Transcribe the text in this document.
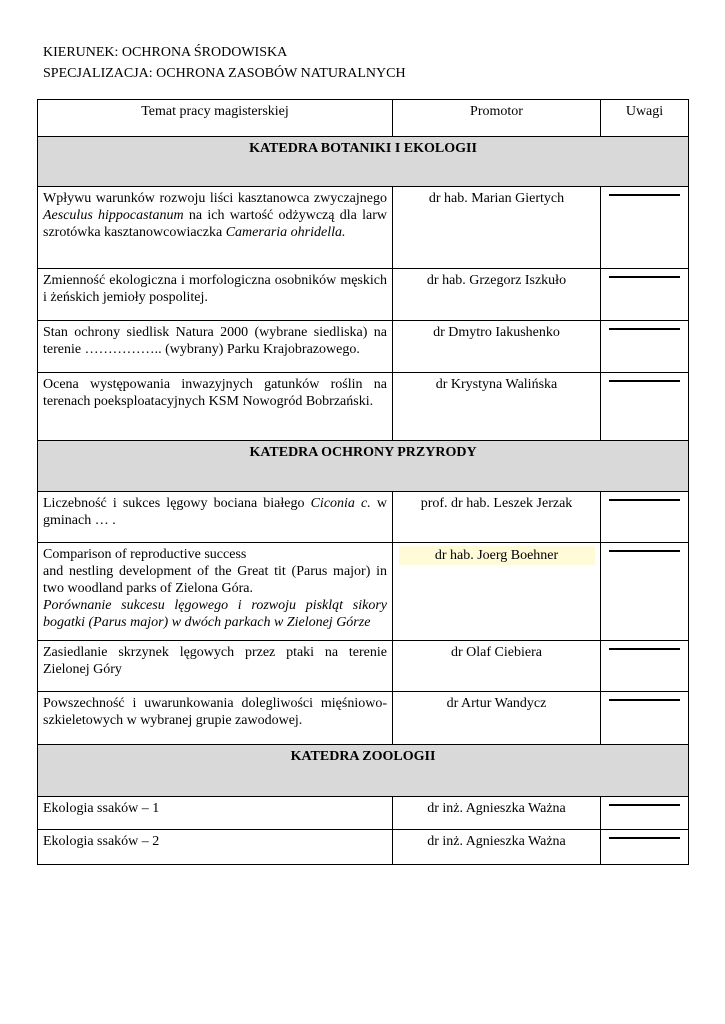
KIERUNEK: OCHRONA ŚRODOWISKA
SPECJALIZACJA: OCHRONA ZASOBÓW NATURALNYCH
Temat pracy magisterskiej	Promotor	Uwagi
KATEDRA BOTANIKI I EKOLOGII		
Wpływu warunków rozwoju liści kasztanowca zwyczajnego Aesculus hippocastanum na ich wartość odżywczą dla larw szrotówka kasztanowcowiaczka Cameraria ohridella.	dr hab. Marian Giertych	

Zmienność ekologiczna i morfologiczna osobników męskich i żeńskich jemioły pospolitej.	dr hab. Grzegorz Iszkuło	

Stan ochrony siedlisk Natura 2000 (wybrane siedliska) na terenie …………….. (wybrany) Parku Krajobrazowego.	dr Dmytro Iakushenko	

Ocena występowania inwazyjnych gatunków roślin na terenach poeksploatacyjnych KSM Nowogród Bobrzański.	dr Krystyna Walińska	

KATEDRA OCHRONY PRZYRODY		
Liczebność i sukces lęgowy bociana białego Ciconia c. w gminach … .	prof. dr hab. Leszek Jerzak	

Comparison of reproductive success
and nestling development of the Great tit (Parus major) in two woodland parks of Zielona Góra.
Porównanie sukcesu lęgowego i rozwoju piskląt sikory bogatki (Parus major) w dwóch parkach w Zielonej Górze	dr hab. Joerg Boehner	

Zasiedlanie skrzynek lęgowych przez ptaki na terenie Zielonej Góry	dr Olaf Ciebiera	

Powszechność i uwarunkowania dolegliwości mięśniowo-szkieletowych w wybranej grupie zawodowej.	dr Artur Wandycz	

KATEDRA ZOOLOGII		
Ekologia ssaków – 1	dr inż. Agnieszka Ważna	

Ekologia ssaków – 2	dr inż. Agnieszka Ważna	
